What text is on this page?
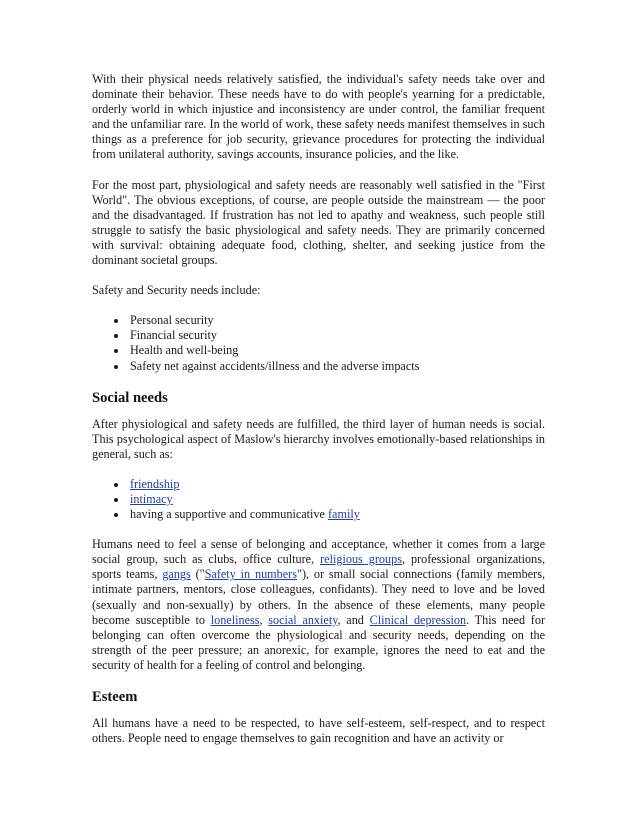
With their physical needs relatively satisfied, the individual's safety needs take over and dominate their behavior. These needs have to do with people's yearning for a predictable, orderly world in which injustice and inconsistency are under control, the familiar frequent and the unfamiliar rare. In the world of work, these safety needs manifest themselves in such things as a preference for job security, grievance procedures for protecting the individual from unilateral authority, savings accounts, insurance policies, and the like.

For the most part, physiological and safety needs are reasonably well satisfied in the "First World". The obvious exceptions, of course, are people outside the mainstream — the poor and the disadvantaged. If frustration has not led to apathy and weakness, such people still struggle to satisfy the basic physiological and safety needs. They are primarily concerned with survival: obtaining adequate food, clothing, shelter, and seeking justice from the dominant societal groups.

Safety and Security needs include:

Personal security
Financial security
Health and well-being
Safety net against accidents/illness and the adverse impacts
Social needs

After physiological and safety needs are fulfilled, the third layer of human needs is social. This psychological aspect of Maslow's hierarchy involves emotionally-based relationships in general, such as:

friendship
intimacy
having a supportive and communicative family

Humans need to feel a sense of belonging and acceptance, whether it comes from a large social group, such as clubs, office culture, religious groups, professional organizations, sports teams, gangs ("Safety in numbers"), or small social connections (family members, intimate partners, mentors, close colleagues, confidants). They need to love and be loved (sexually and non-sexually) by others. In the absence of these elements, many people become susceptible to loneliness, social anxiety, and Clinical depression. This need for belonging can often overcome the physiological and security needs, depending on the strength of the peer pressure; an anorexic, for example, ignores the need to eat and the security of health for a feeling of control and belonging.

Esteem

All humans have a need to be respected, to have self-esteem, self-respect, and to respect others. People need to engage themselves to gain recognition and have an activity or
